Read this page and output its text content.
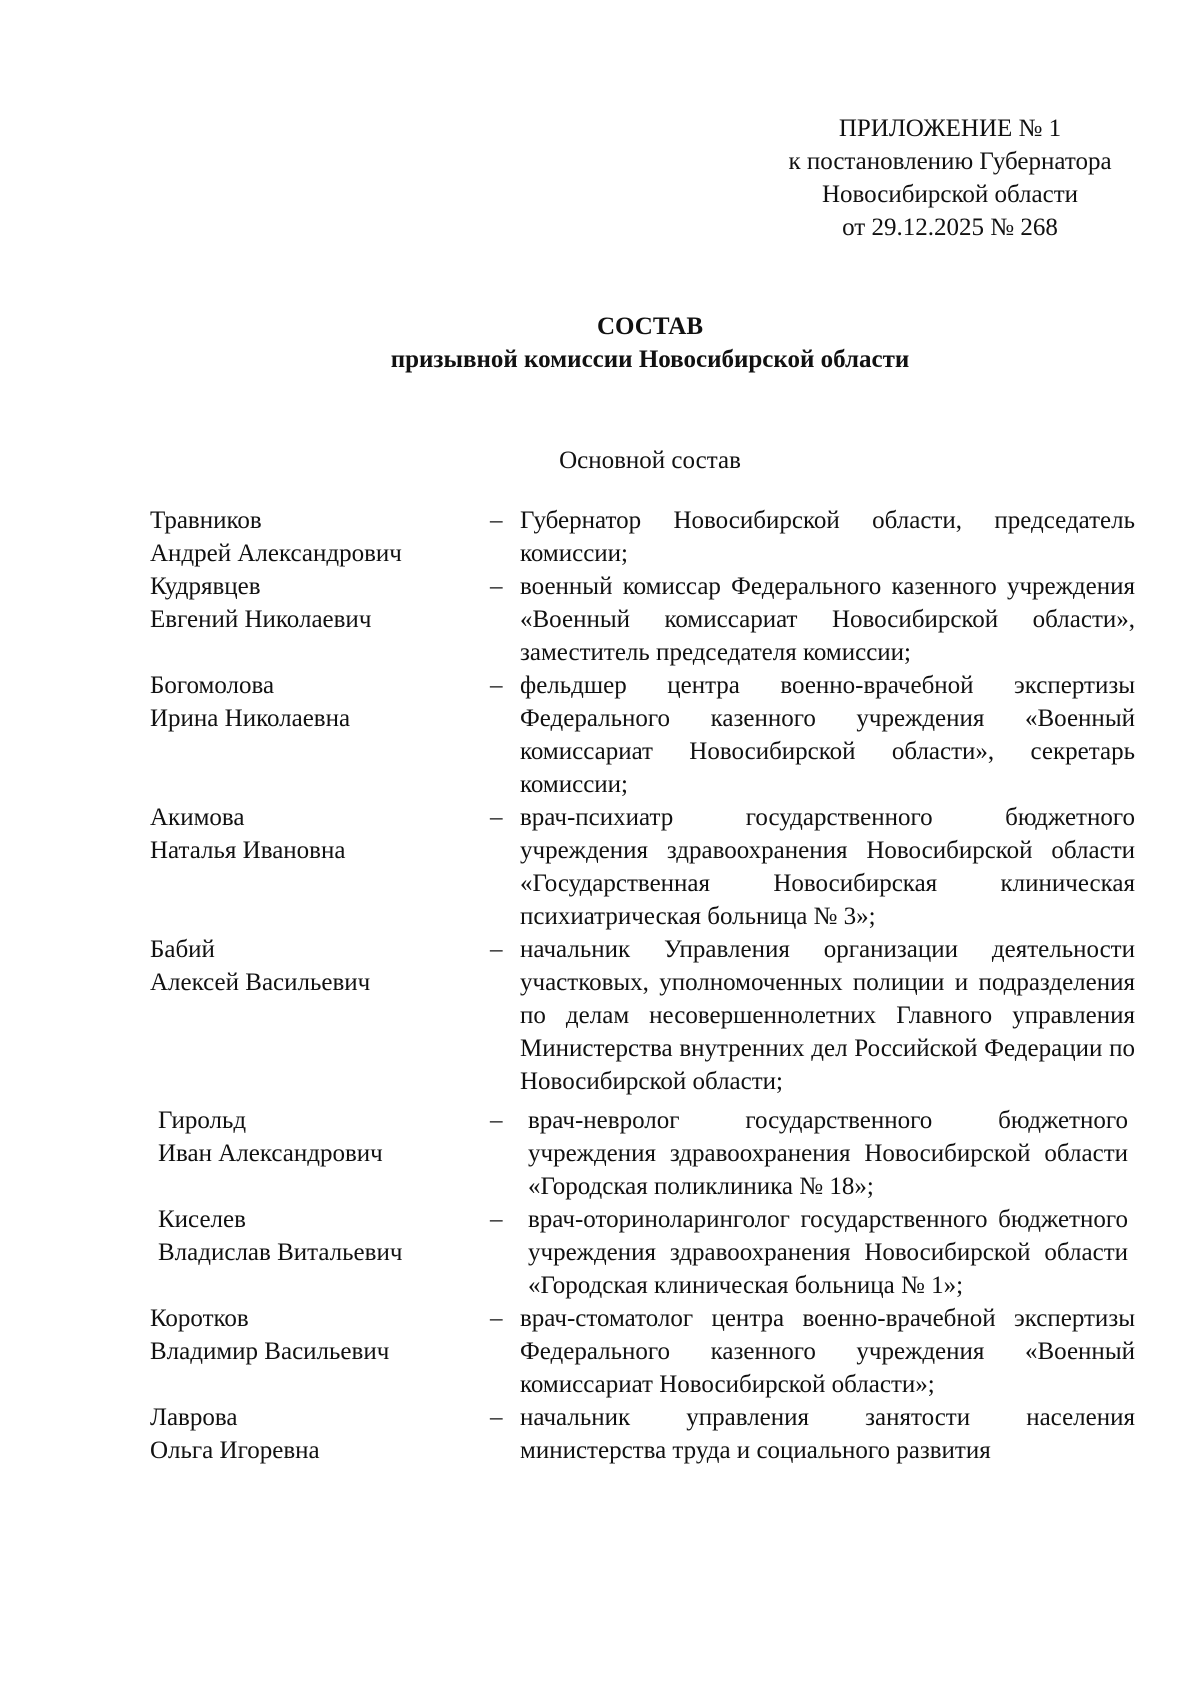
ПРИЛОЖЕНИЕ № 1
к постановлению Губернатора
Новосибирской области
от 29.12.2025 № 268
СОСТАВ
призывной комиссии Новосибирской области
Основной состав
Травников
Андрей Александрович
– Губернатор Новосибирской области, председатель комиссии;
Кудрявцев
Евгений Николаевич
– военный комиссар Федерального казенного учреждения «Военный комиссариат Новосибирской области», заместитель председателя комиссии;
Богомолова
Ирина Николаевна
– фельдшер центра военно-врачебной экспертизы Федерального казенного учреждения «Военный комиссариат Новосибирской области», секретарь комиссии;
Акимова
Наталья Ивановна
– врач-психиатр государственного бюджетного учреждения здравоохранения Новосибирской области «Государственная Новосибирская клиническая психиатрическая больница № 3»;
Бабий
Алексей Васильевич
– начальник Управления организации деятельности участковых, уполномоченных полиции и подразделения по делам несовершеннолетних Главного управления Министерства внутренних дел Российской Федерации по Новосибирской области;
Гирольд
Иван Александрович
–	врач-невролог государственного бюджетного учреждения здравоохранения Новосибирской области «Городская поликлиника № 18»;
Киселев
Владислав Витальевич
–	врач-оториноларинголог государственного бюджетного учреждения здравоохранения Новосибирской области «Городская клиническая больница № 1»;
Коротков
Владимир Васильевич
– врач-стоматолог центра военно-врачебной экспертизы Федерального казенного учреждения «Военный комиссариат Новосибирской области»;
Лаврова
Ольга Игоревна
– начальник управления занятости населения министерства труда и социального развития
